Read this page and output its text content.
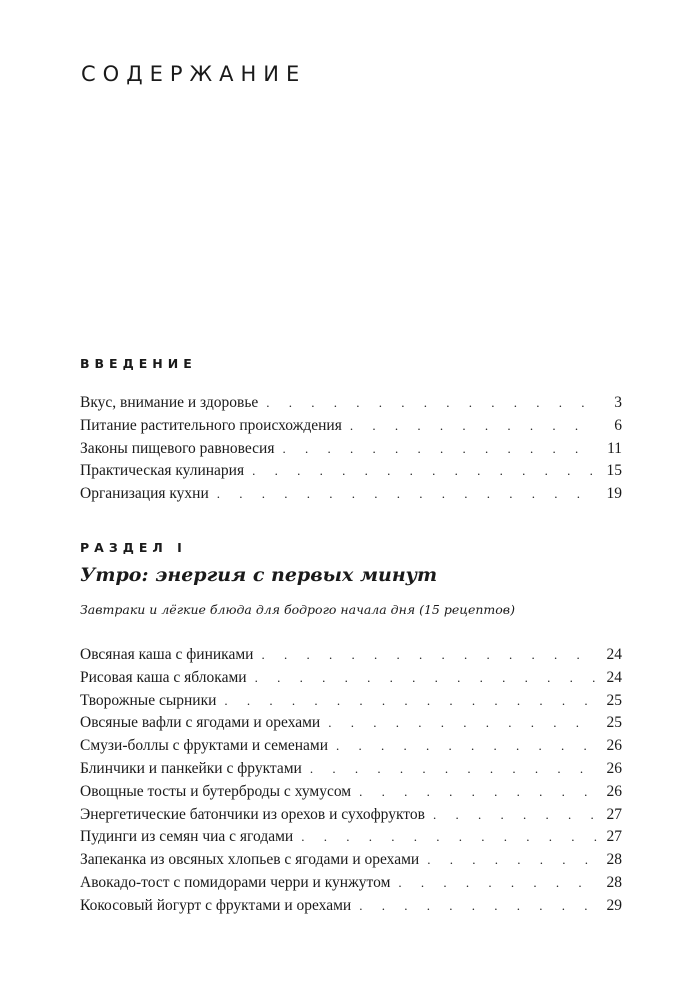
СОДЕРЖАНИЕ
ВВЕДЕНИЕ
Вкус, внимание и здоровье . . .	3
Питание растительного происхождения . . .	6
Законы пищевого равновесия . . .	11
Практическая кулинария . . .	15
Организация кухни . . .	19
РАЗДЕЛ I
Утро: энергия с первых минут

Завтраки и лёгкие блюда для бодрого начала дня (15 рецептов)

Овсяная каша с финиками . . .	24
Рисовая каша с яблоками . . .	24
Творожные сырники . . .	25
Овсяные вафли с ягодами и орехами . . .	25
Смузи-боллы с фруктами и семенами . . .	26
Блинчики и панкейки с фруктами . . .	26
Овощные тосты и бутерброды с хумусом . . .	26
Энергетические батончики из орехов и сухофруктов . . .	27
Пудинги из семян чиа с ягодами . . .	27
Запеканка из овсяных хлопьев с ягодами и орехами . . .	28
Авокадо-тост с помидорами черри и кунжутом . . .	28
Кокосовый йогурт с фруктами и орехами . . .	29
